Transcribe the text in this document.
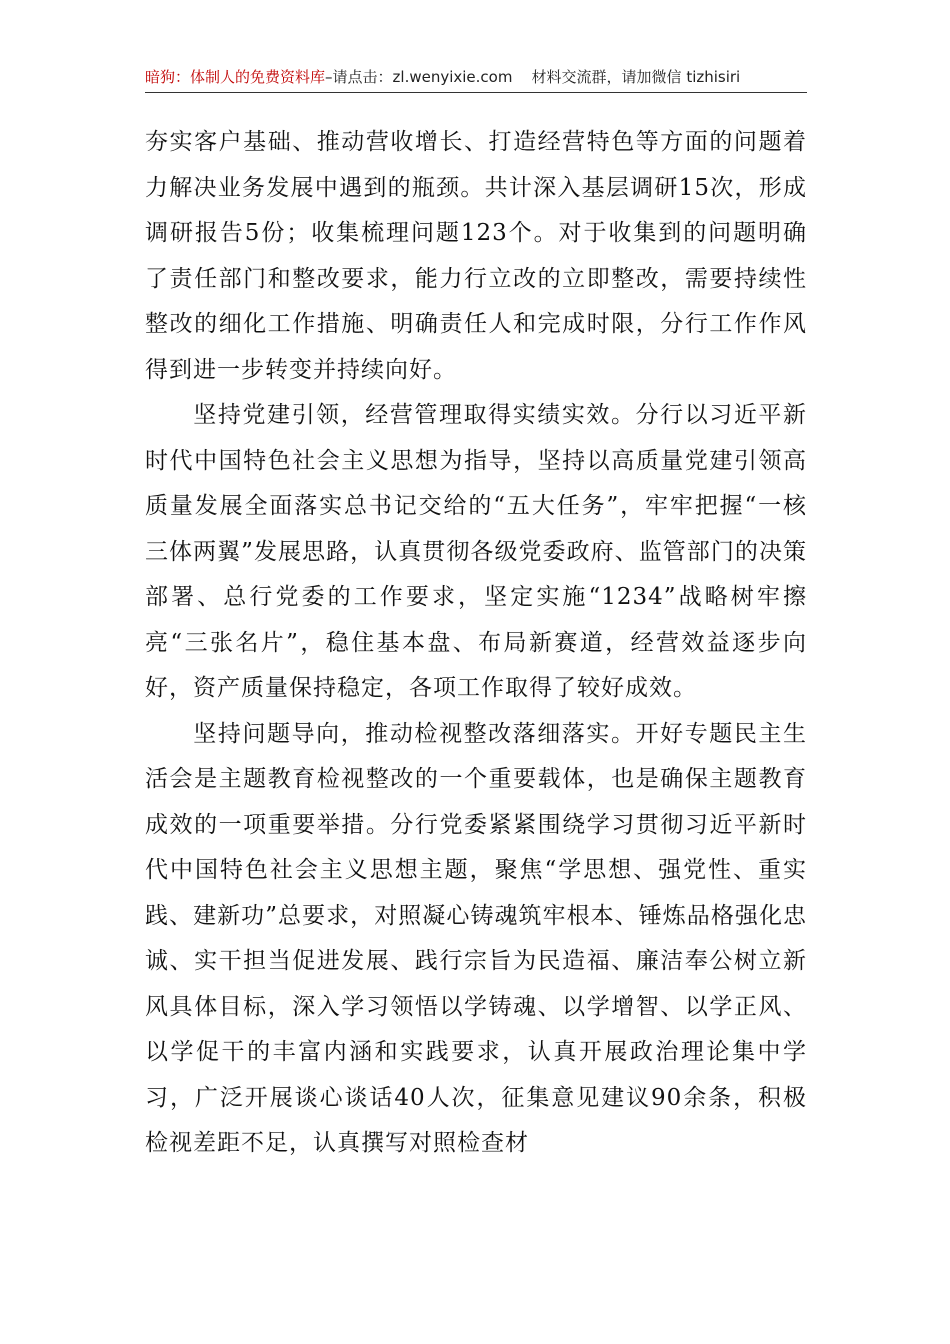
暗狗：体制人的免费资料库–请点击：zl.wenyixie.com 材料交流群，请加微信 tizhisiri

夯实客户基础、推动营收增长、打造经营特色等方面的问题着力解决业务发展中遇到的瓶颈。共计深入基层调研15次，形成调研报告5份；收集梳理问题123个。对于收集到的问题明确了责任部门和整改要求，能力行立改的立即整改，需要持续性整改的细化工作措施、明确责任人和完成时限，分行工作作风得到进一步转变并持续向好。

坚持党建引领，经营管理取得实绩实效。分行以习近平新时代中国特色社会主义思想为指导，坚持以高质量党建引领高质量发展全面落实总书记交给的“五大任务”，牢牢把握“一核三体两翼”发展思路，认真贯彻各级党委政府、监管部门的决策部署、总行党委的工作要求，坚定实施“1234”战略树牢擦亮“三张名片”，稳住基本盘、布局新赛道，经营效益逐步向好，资产质量保持稳定，各项工作取得了较好成效。

坚持问题导向，推动检视整改落细落实。开好专题民主生活会是主题教育检视整改的一个重要载体，也是确保主题教育成效的一项重要举措。分行党委紧紧围绕学习贯彻习近平新时代中国特色社会主义思想主题，聚焦“学思想、强党性、重实践、建新功”总要求，对照凝心铸魂筑牢根本、锤炼品格强化忠诚、实干担当促进发展、践行宗旨为民造福、廉洁奉公树立新风具体目标，深入学习领悟以学铸魂、以学增智、以学正风、以学促干的丰富内涵和实践要求，认真开展政治理论集中学习，广泛开展谈心谈话40人次，征集意见建议90余条，积极检视差距不足，认真撰写对照检查材
